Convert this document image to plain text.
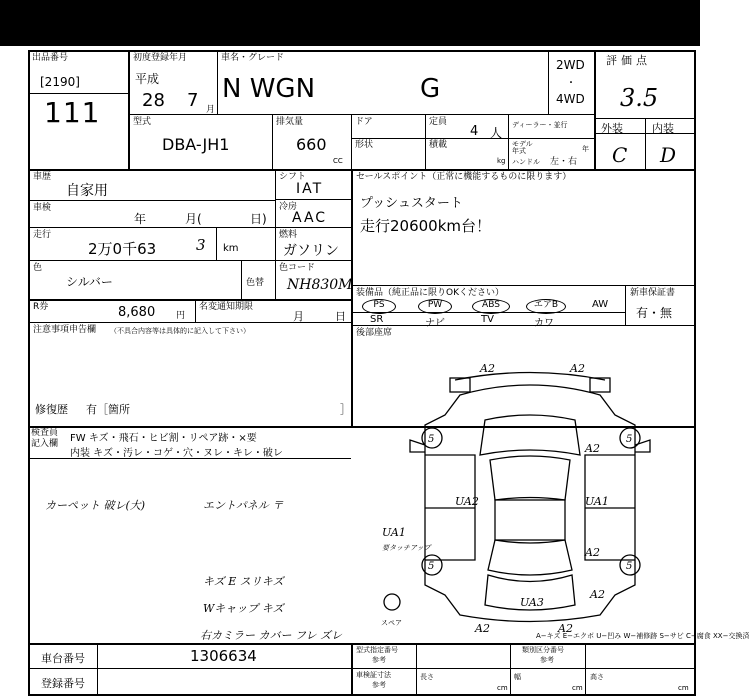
出品番号
[2190]
111
初度登録年月
平成
28 7 月
車名・グレード
N WGN	G
2WD
・
4WD
評価点
3.5
型式
DBA-JH1
排気量
660
CC
ドア
形状
定員
4 人
積載
kg
ディーラー・並行
モデル
年式	年
ハンドル 左・右
外装	内装
C D
車歴
自家用
車検
年	月(	日)
走行
2万0千63	3 km
色
シルバー	色替
シフト
IAT
冷房
AAC
燃料
ガソリン
色コード
NH830M
R券	8,680 円
名変通知期限
月	日
注意事項申告欄 （不具合内容等は具体的に記入して下さい）
修復歴 有［箇所	］
検査員
記入欄 FW キズ・飛石・ヒビ割・リペア跡・×要
内装 キズ・汚レ・コゲ・穴・ヌレ・キレ・破レ
カーペット 破レ(大)	エントパネル 〒
キズ E スリキズ
Wキャップ キズ
右カミラー カバー フレ ズレ
セールスポイント（正常に機能するものに限ります）
プッシュスタート
走行20600km台！
装備品（純正品に限りOKください）
PS	PW	ABS	エアB	AW
SR	ナビ	TV	カワ
新車保証書
有・無
後部座席
A2	A2
5	5
5	5
A2
UA2	UA1
A2
UA3
A2
A2	A2
UA1
要タッチアップ
スペア
A−キズ E−エクボ U−凹み W−補修跡 S−サビ C−腐食 XX−交換済
車台番号	1306634
登録番号
型式指定番号
参考
類別区分番号
参考
車検証寸法
参考
長さ
cm
幅
cm
高さ
cm
